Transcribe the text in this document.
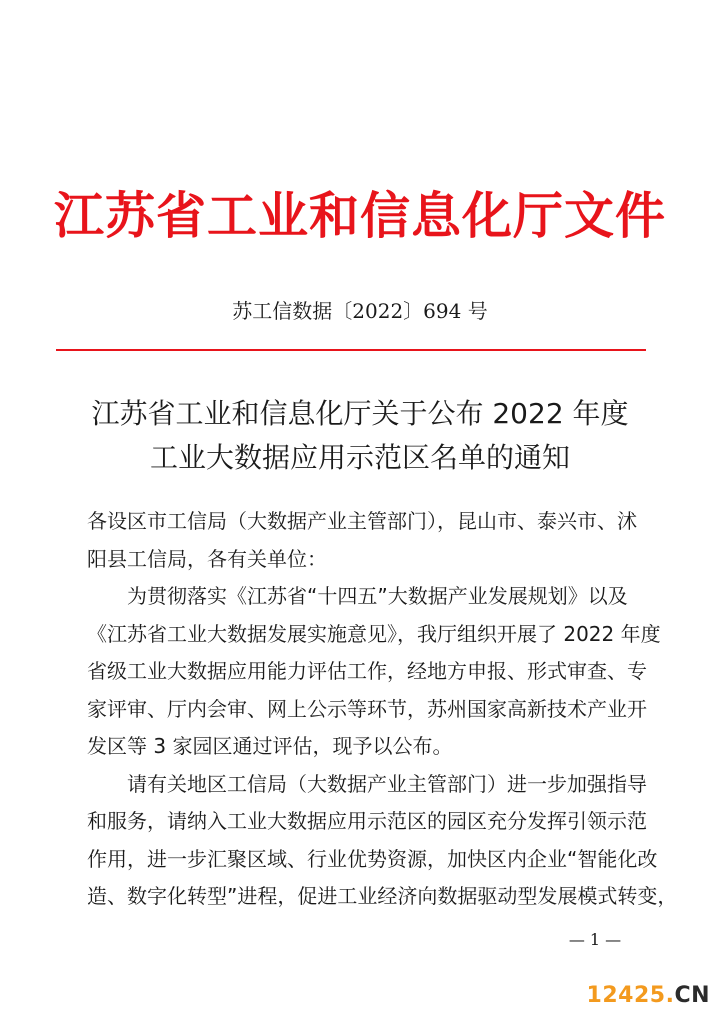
江苏省工业和信息化厅文件
苏工信数据〔2022〕694 号
江苏省工业和信息化厅关于公布 2022 年度
工业大数据应用示范区名单的通知
各设区市工信局（大数据产业主管部门），昆山市、泰兴市、沭
阳县工信局，各有关单位：
为贯彻落实《江苏省“十四五”大数据产业发展规划》以及
《江苏省工业大数据发展实施意见》，我厅组织开展了 2022 年度
省级工业大数据应用能力评估工作，经地方申报、形式审查、专
家评审、厅内会审、网上公示等环节，苏州国家高新技术产业开
发区等 3 家园区通过评估，现予以公布。
请有关地区工信局（大数据产业主管部门）进一步加强指导
和服务，请纳入工业大数据应用示范区的园区充分发挥引领示范
作用，进一步汇聚区域、行业优势资源，加快区内企业“智能化改
造、数字化转型”进程，促进工业经济向数据驱动型发展模式转变，
— 1 —
12425.CN
